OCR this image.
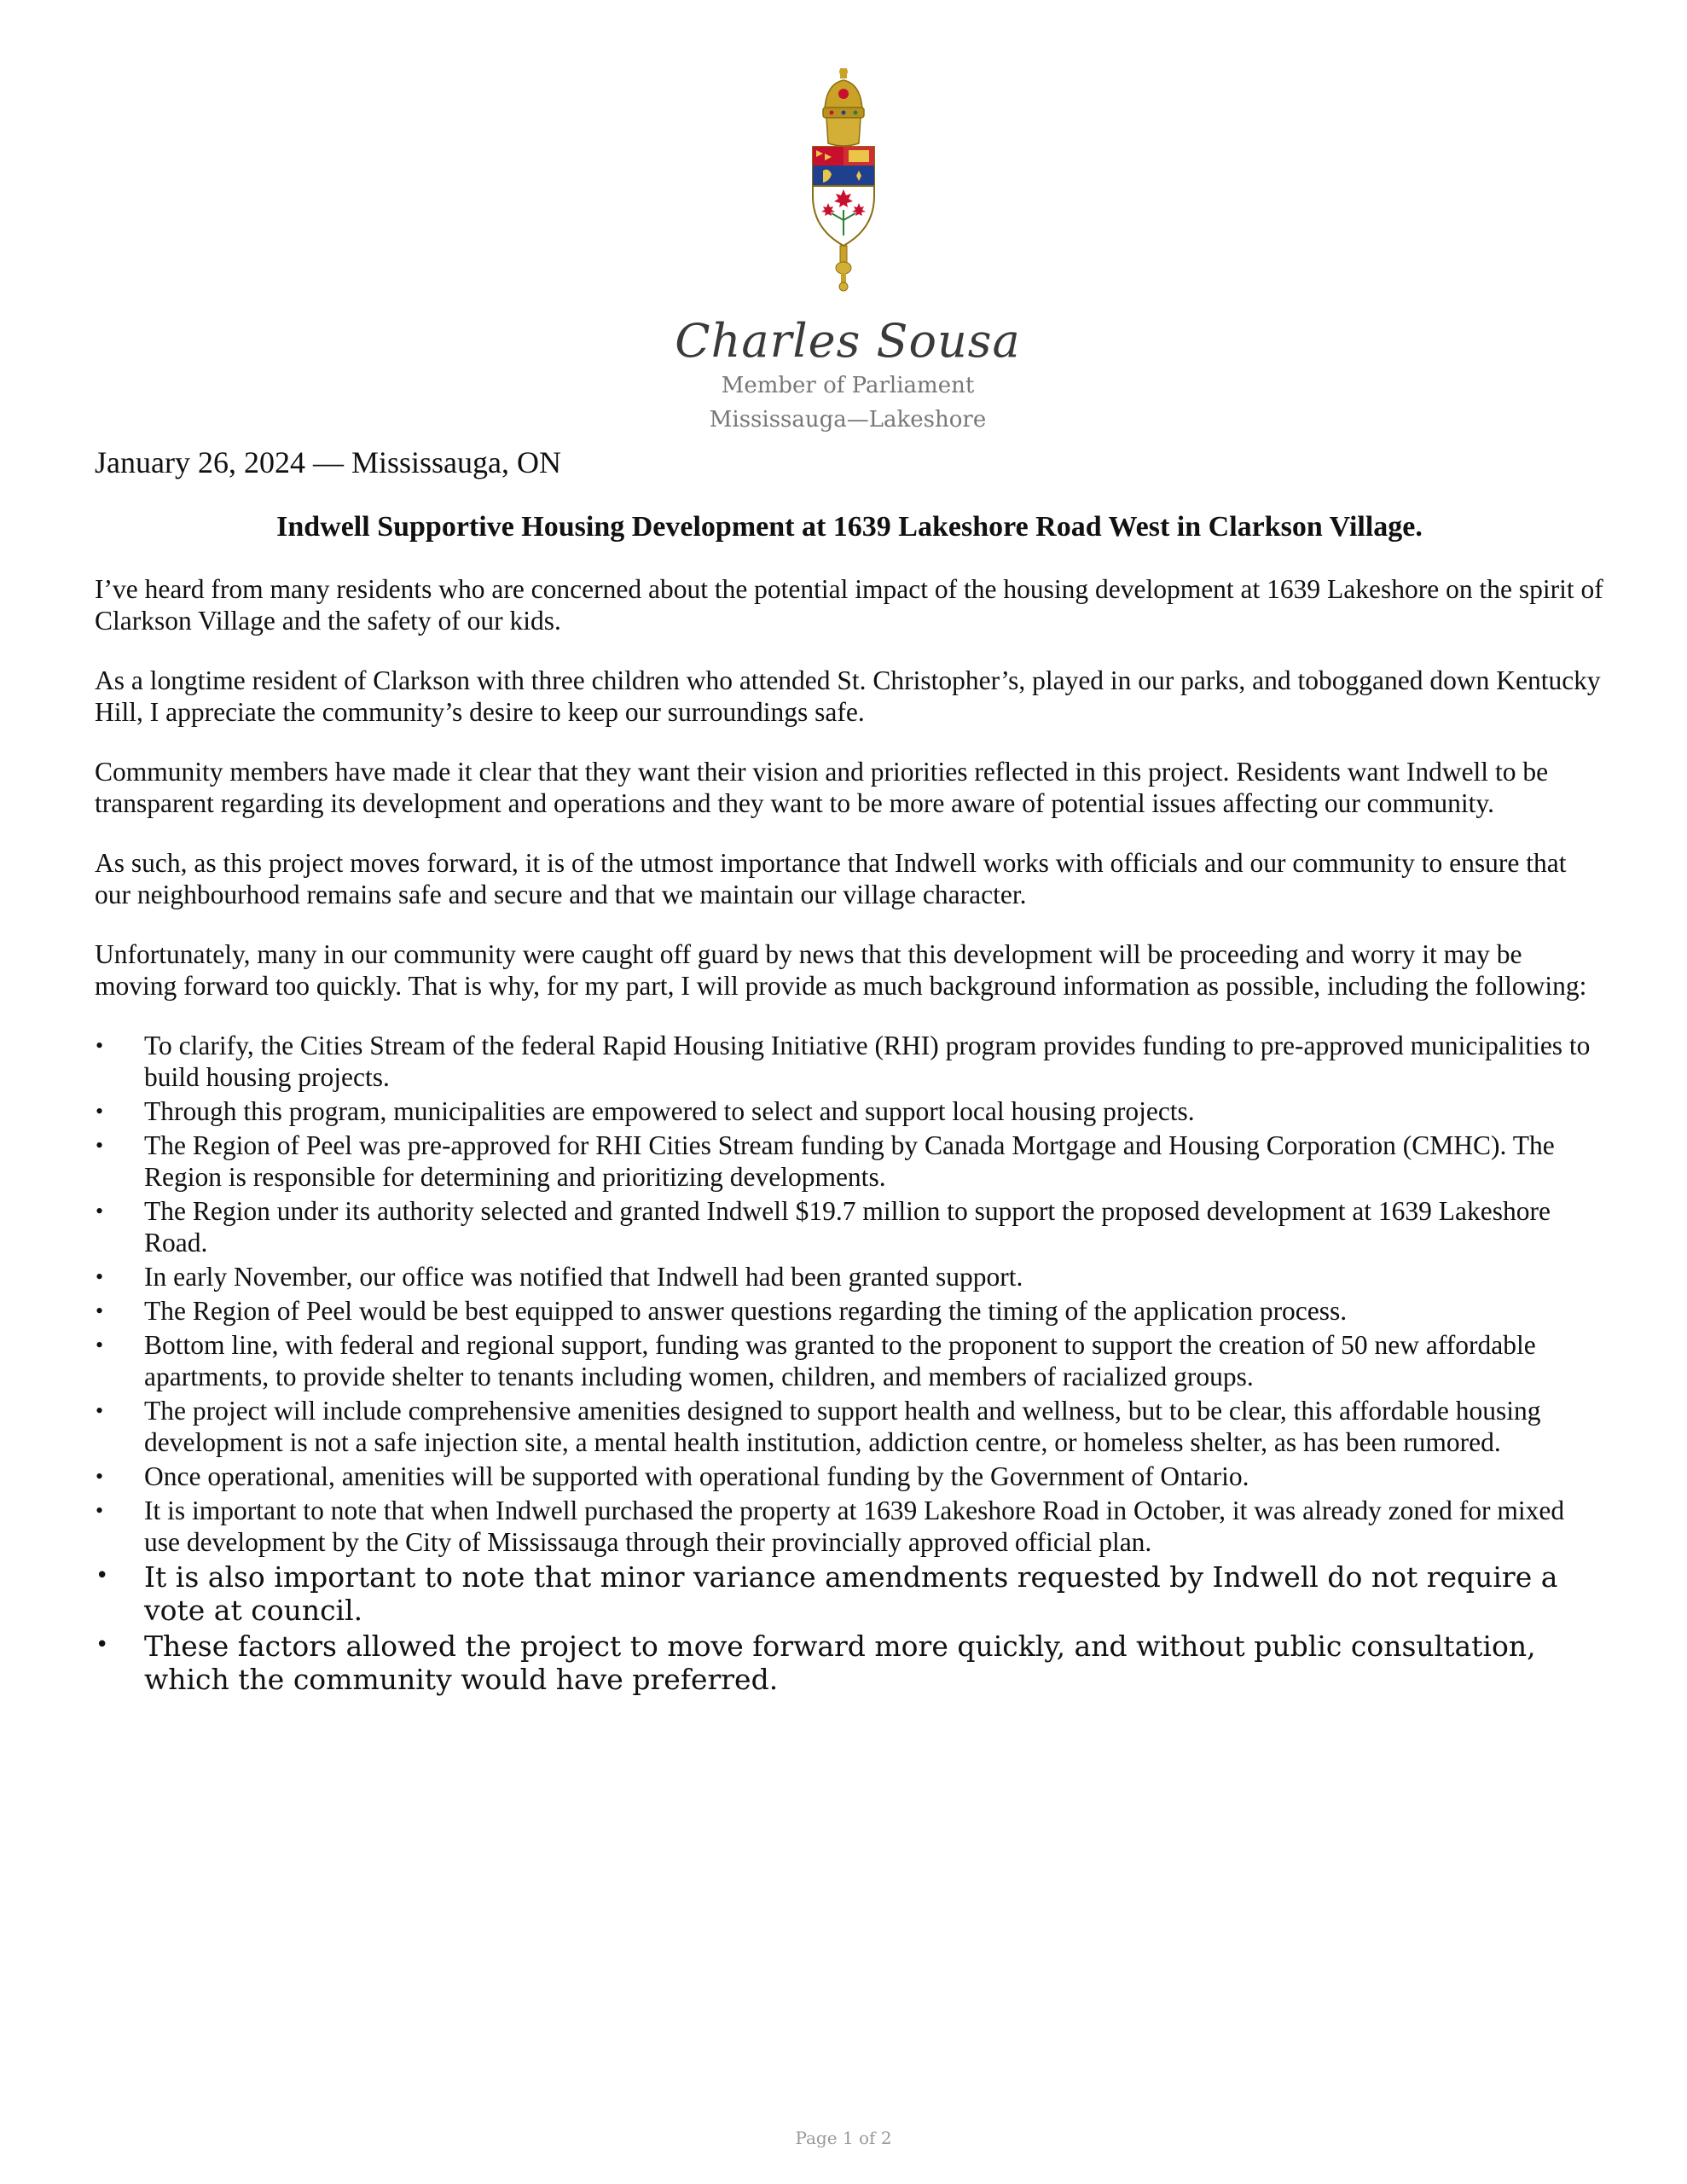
Charles Sousa
Member of Parliament
Mississauga—Lakeshore

January 26, 2024 — Mississauga, ON

Indwell Supportive Housing Development at 1639 Lakeshore Road West in Clarkson Village.

I’ve heard from many residents who are concerned about the potential impact of the housing development at 1639 Lakeshore on the spirit of Clarkson Village and the safety of our kids.

As a longtime resident of Clarkson with three children who attended St. Christopher’s, played in our parks, and tobogganed down Kentucky Hill, I appreciate the community’s desire to keep our surroundings safe.

Community members have made it clear that they want their vision and priorities reflected in this project. Residents want Indwell to be transparent regarding its development and operations and they want to be more aware of potential issues affecting our community.

As such, as this project moves forward, it is of the utmost importance that Indwell works with officials and our community to ensure that our neighbourhood remains safe and secure and that we maintain our village character.

Unfortunately, many in our community were caught off guard by news that this development will be proceeding and worry it may be moving forward too quickly. That is why, for my part, I will provide as much background information as possible, including the following:

• To clarify, the Cities Stream of the federal Rapid Housing Initiative (RHI) program provides funding to pre-approved municipalities to build housing projects.
• Through this program, municipalities are empowered to select and support local housing projects.
• The Region of Peel was pre-approved for RHI Cities Stream funding by Canada Mortgage and Housing Corporation (CMHC). The Region is responsible for determining and prioritizing developments.
• The Region under its authority selected and granted Indwell $19.7 million to support the proposed development at 1639 Lakeshore Road.
• In early November, our office was notified that Indwell had been granted support.
• The Region of Peel would be best equipped to answer questions regarding the timing of the application process.
• Bottom line, with federal and regional support, funding was granted to the proponent to support the creation of 50 new affordable apartments, to provide shelter to tenants including women, children, and members of racialized groups.
• The project will include comprehensive amenities designed to support health and wellness, but to be clear, this affordable housing development is not a safe injection site, a mental health institution, addiction centre, or homeless shelter, as has been rumored.
• Once operational, amenities will be supported with operational funding by the Government of Ontario.
• It is important to note that when Indwell purchased the property at 1639 Lakeshore Road in October, it was already zoned for mixed use development by the City of Mississauga through their provincially approved official plan.
• It is also important to note that minor variance amendments requested by Indwell do not require a vote at council.
• These factors allowed the project to move forward more quickly, and without public consultation, which the community would have preferred.
Page 1 of 2
